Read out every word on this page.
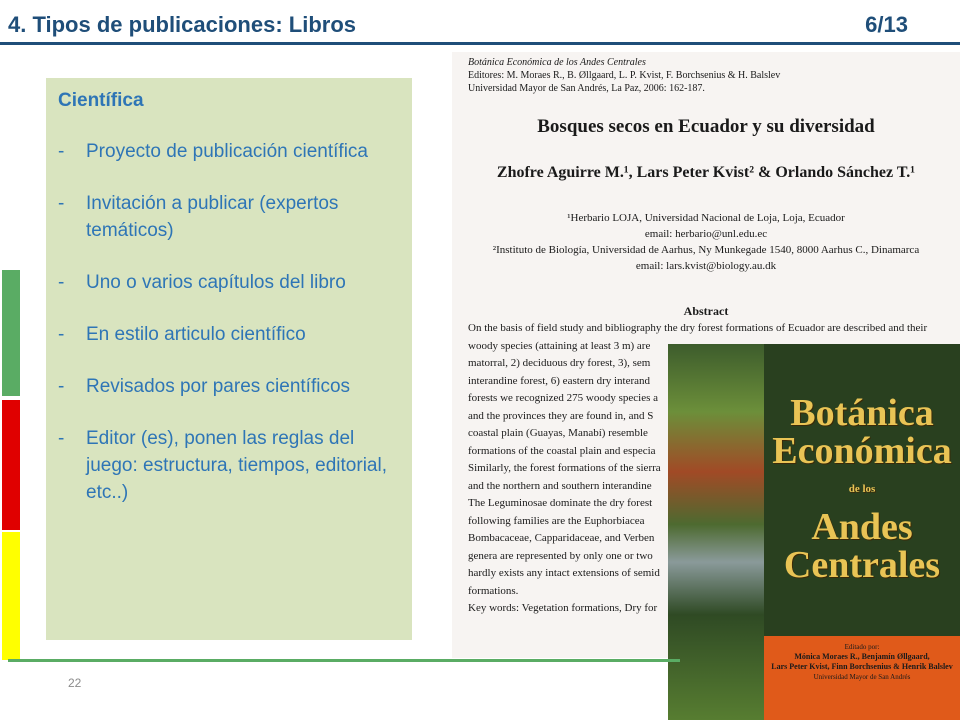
4. Tipos de publicaciones: Libros	6/13
Científica
-	Proyecto de publicación científica
-	Invitación a publicar (expertos temáticos)
-	Uno o varios capítulos del libro
-	En estilo articulo científico
-	Revisados por pares científicos
-	Editor (es), ponen las reglas del juego: estructura, tiempos, editorial, etc..)
Botánica Económica de los Andes Centrales
Editores: M. Moraes R., B. Øllgaard, L. P. Kvist, F. Borchsenius & H. Balslev
Universidad Mayor de San Andrés, La Paz, 2006: 162-187.
Bosques secos en Ecuador y su diversidad
Zhofre Aguirre M.¹, Lars Peter Kvist² & Orlando Sánchez T.¹
¹Herbario LOJA, Universidad Nacional de Loja, Loja, Ecuador
email: herbario@unl.edu.ec
²Instituto de Biología, Universidad de Aarhus, Ny Munkegade 1540, 8000 Aarhus C., Dinamarca
email: lars.kvist@biology.au.dk
Abstract
On the basis of field study and bibliography the dry forest formations of Ecuador are described and their
woody species (attaining at least 3 m) are
matorral, 2) deciduous dry forest, 3), sem
interandine forest, 6) eastern dry interand
forests we recognized 275 woody species a
and the provinces they are found in, and S
coastal plain (Guayas, Manabí) resemble
formations of the coastal plain and especia
Similarly, the forest formations of the sierra
and the northern and southern interandine
The Leguminosae dominate the dry forest
following families are the Euphorbiacea
Bombacaceae, Capparidaceae, and Verben
genera are represented by only one or two
hardly exists any intact extensions of semid
formations.
Key words: Vegetation formations, Dry for
Botánica
Económica
de los
Andes Centrales
Editado por:
Mónica Moraes R., Benjamín Øllgaard,
Lars Peter Kvist, Finn Borchsenius & Henrik Balslev
Universidad Mayor de San Andrés
22
